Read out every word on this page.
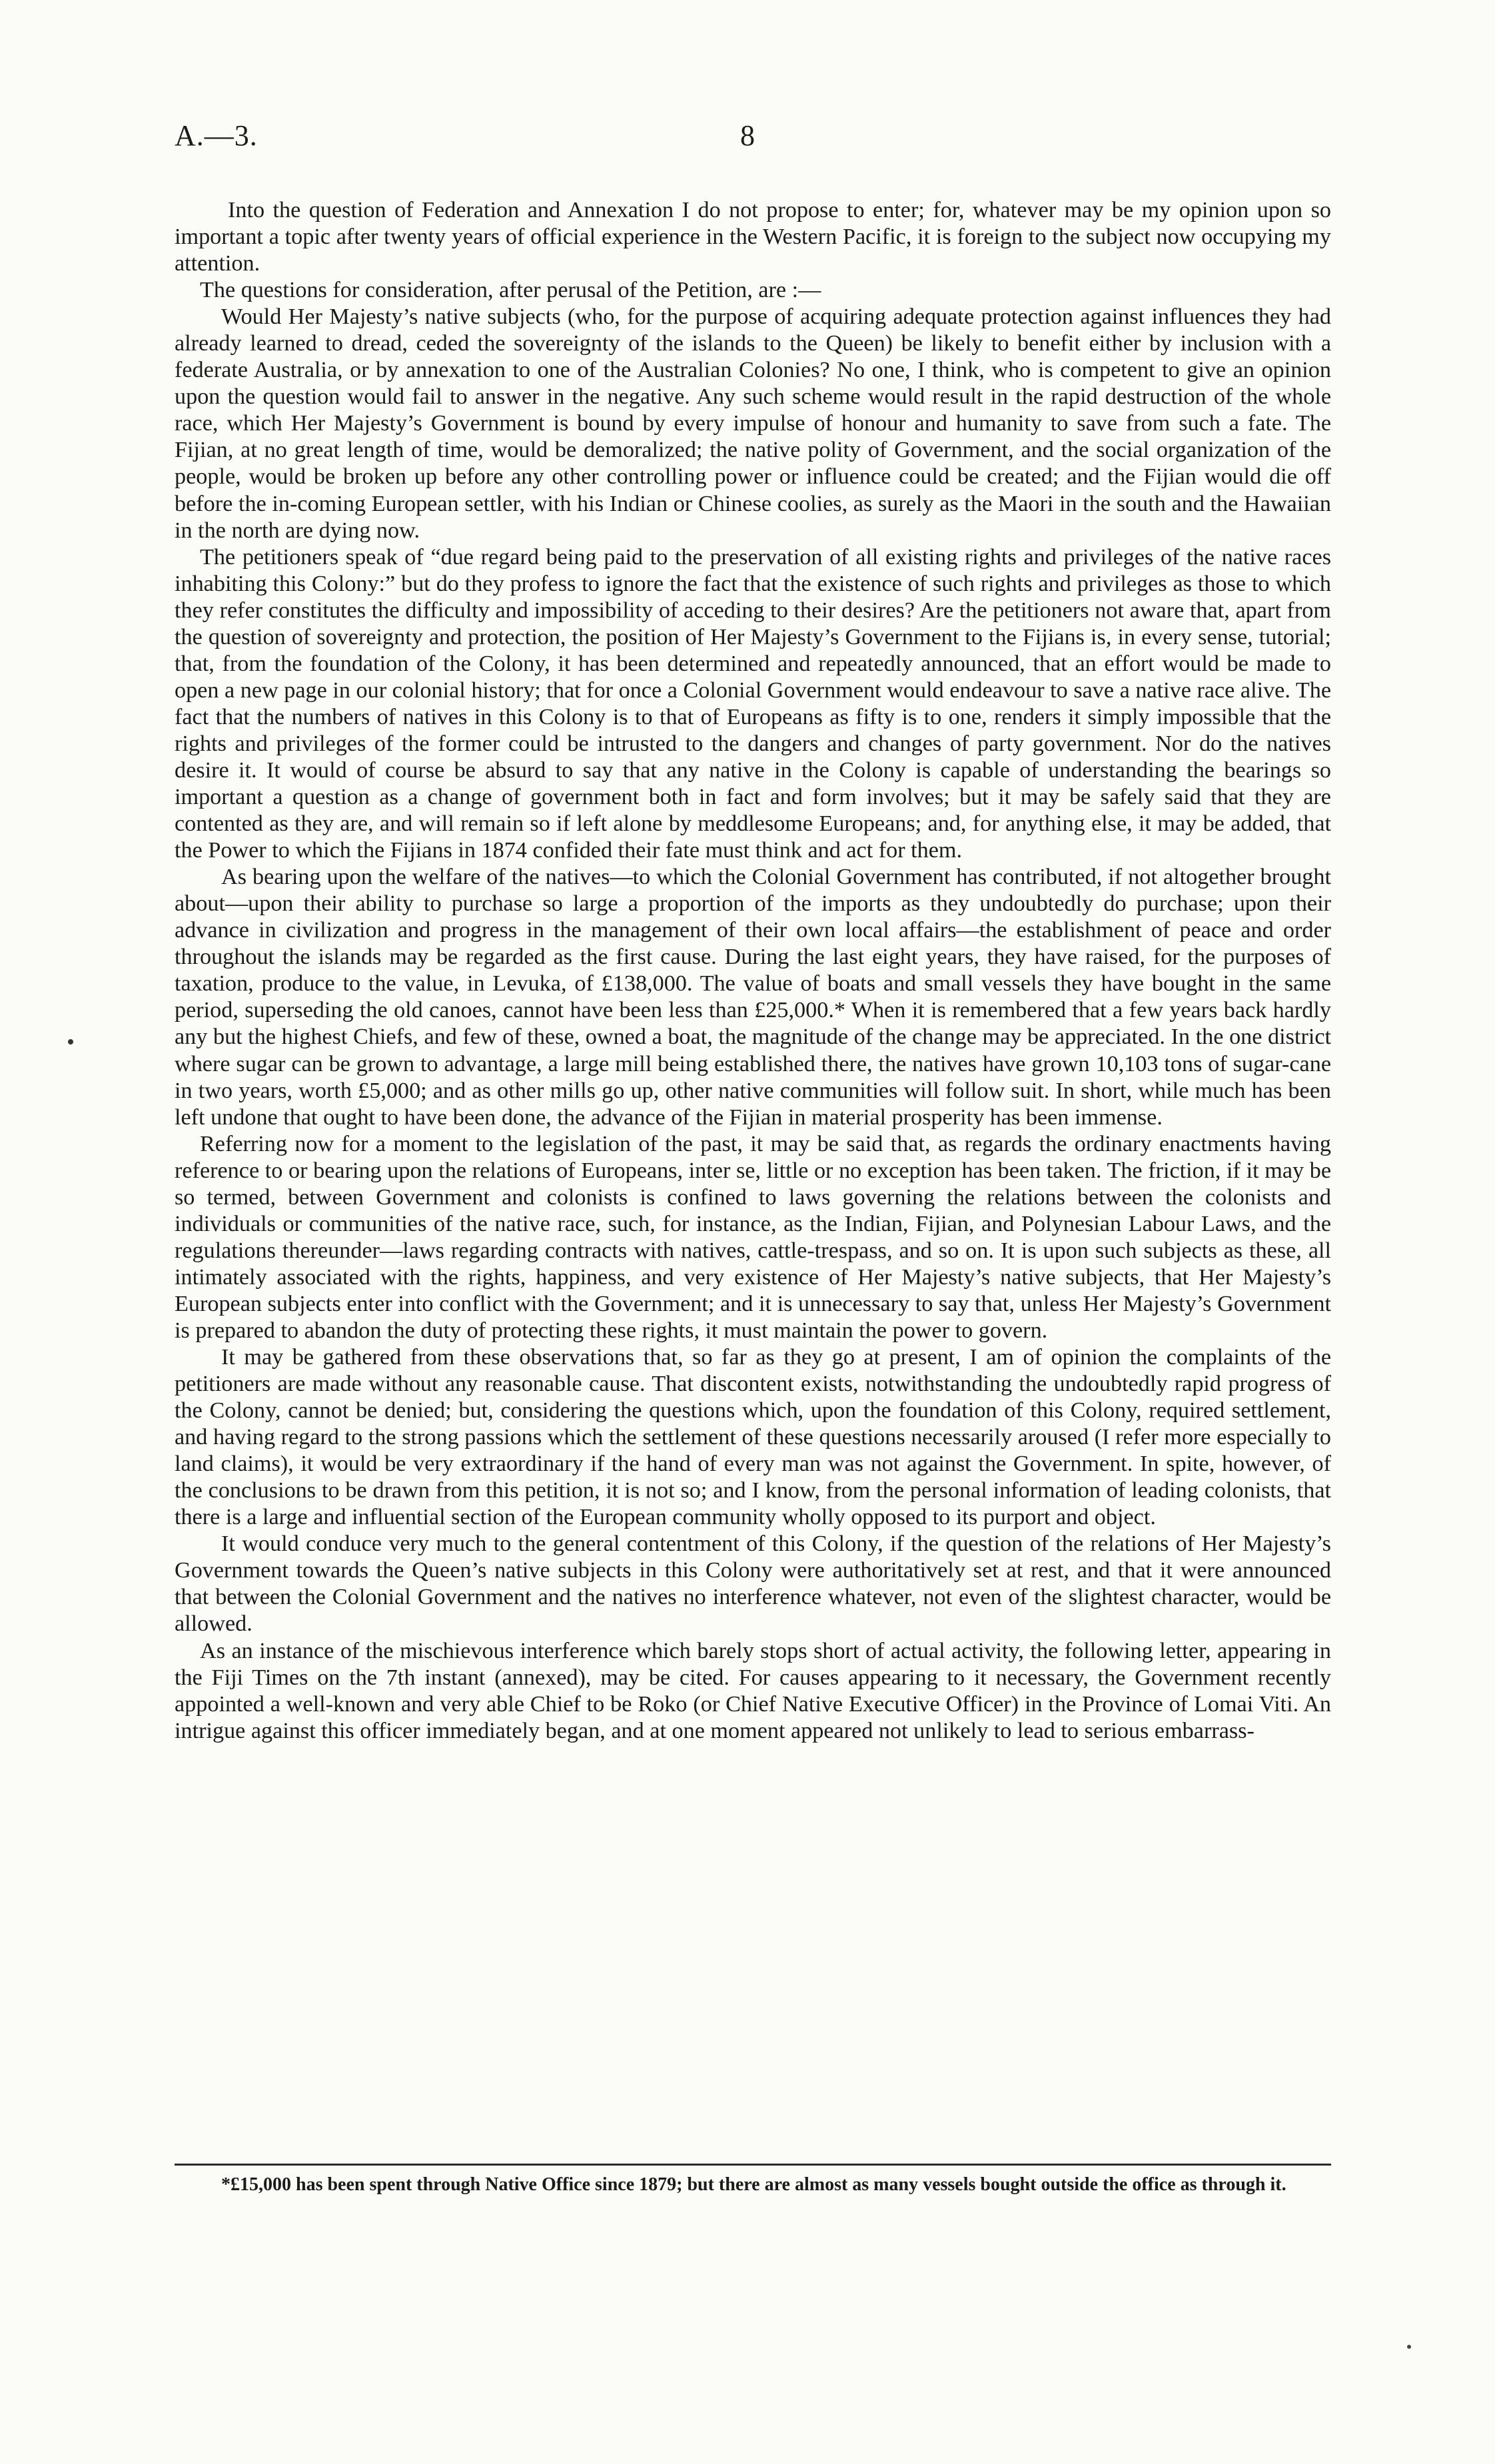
A.—3.	8

Into the question of Federation and Annexation I do not propose to enter; for, whatever may be my opinion upon so important a topic after twenty years of official experience in the Western Pacific, it is foreign to the subject now occupying my attention.

The questions for consideration, after perusal of the Petition, are :—

Would Her Majesty’s native subjects (who, for the purpose of acquiring adequate protection against influences they had already learned to dread, ceded the sovereignty of the islands to the Queen) be likely to benefit either by inclusion with a federate Australia, or by annexation to one of the Australian Colonies? No one, I think, who is competent to give an opinion upon the question would fail to answer in the negative. Any such scheme would result in the rapid destruction of the whole race, which Her Majesty’s Government is bound by every impulse of honour and humanity to save from such a fate. The Fijian, at no great length of time, would be demoralized; the native polity of Government, and the social organization of the people, would be broken up before any other controlling power or influence could be created; and the Fijian would die off before the in-coming European settler, with his Indian or Chinese coolies, as surely as the Maori in the south and the Hawaiian in the north are dying now.

The petitioners speak of “due regard being paid to the preservation of all existing rights and privileges of the native races inhabiting this Colony:” but do they profess to ignore the fact that the existence of such rights and privileges as those to which they refer constitutes the difficulty and impossibility of acceding to their desires? Are the petitioners not aware that, apart from the question of sovereignty and protection, the position of Her Majesty’s Government to the Fijians is, in every sense, tutorial; that, from the foundation of the Colony, it has been determined and repeatedly announced, that an effort would be made to open a new page in our colonial history; that for once a Colonial Government would endeavour to save a native race alive. The fact that the numbers of natives in this Colony is to that of Europeans as fifty is to one, renders it simply impossible that the rights and privileges of the former could be intrusted to the dangers and changes of party government. Nor do the natives desire it. It would of course be absurd to say that any native in the Colony is capable of understanding the bearings so important a question as a change of government both in fact and form involves; but it may be safely said that they are contented as they are, and will remain so if left alone by meddlesome Europeans; and, for anything else, it may be added, that the Power to which the Fijians in 1874 confided their fate must think and act for them.

As bearing upon the welfare of the natives—to which the Colonial Government has contributed, if not altogether brought about—upon their ability to purchase so large a proportion of the imports as they undoubtedly do purchase; upon their advance in civilization and progress in the management of their own local affairs—the establishment of peace and order throughout the islands may be regarded as the first cause. During the last eight years, they have raised, for the purposes of taxation, produce to the value, in Levuka, of £138,000. The value of boats and small vessels they have bought in the same period, superseding the old canoes, cannot have been less than £25,000.* When it is remembered that a few years back hardly any but the highest Chiefs, and few of these, owned a boat, the magnitude of the change may be appreciated. In the one district where sugar can be grown to advantage, a large mill being established there, the natives have grown 10,103 tons of sugar-cane in two years, worth £5,000; and as other mills go up, other native communities will follow suit. In short, while much has been left undone that ought to have been done, the advance of the Fijian in material prosperity has been immense.

Referring now for a moment to the legislation of the past, it may be said that, as regards the ordinary enactments having reference to or bearing upon the relations of Europeans, inter se, little or no exception has been taken. The friction, if it may be so termed, between Government and colonists is confined to laws governing the relations between the colonists and individuals or communities of the native race, such, for instance, as the Indian, Fijian, and Polynesian Labour Laws, and the regulations thereunder—laws regarding contracts with natives, cattle-trespass, and so on. It is upon such subjects as these, all intimately associated with the rights, happiness, and very existence of Her Majesty’s native subjects, that Her Majesty’s European subjects enter into conflict with the Government; and it is unnecessary to say that, unless Her Majesty’s Government is prepared to abandon the duty of protecting these rights, it must maintain the power to govern.

It may be gathered from these observations that, so far as they go at present, I am of opinion the complaints of the petitioners are made without any reasonable cause. That discontent exists, notwithstanding the undoubtedly rapid progress of the Colony, cannot be denied; but, considering the questions which, upon the foundation of this Colony, required settlement, and having regard to the strong passions which the settlement of these questions necessarily aroused (I refer more especially to land claims), it would be very extraordinary if the hand of every man was not against the Government. In spite, however, of the conclusions to be drawn from this petition, it is not so; and I know, from the personal information of leading colonists, that there is a large and influential section of the European community wholly opposed to its purport and object.

It would conduce very much to the general contentment of this Colony, if the question of the relations of Her Majesty’s Government towards the Queen’s native subjects in this Colony were authoritatively set at rest, and that it were announced that between the Colonial Government and the natives no interference whatever, not even of the slightest character, would be allowed.

As an instance of the mischievous interference which barely stops short of actual activity, the following letter, appearing in the Fiji Times on the 7th instant (annexed), may be cited. For causes appearing to it necessary, the Government recently appointed a well-known and very able Chief to be Roko (or Chief Native Executive Officer) in the Province of Lomai Viti. An intrigue against this officer immediately began, and at one moment appeared not unlikely to lead to serious embarrass-

*£15,000 has been spent through Native Office since 1879; but there are almost as many vessels bought outside the office as through it.
